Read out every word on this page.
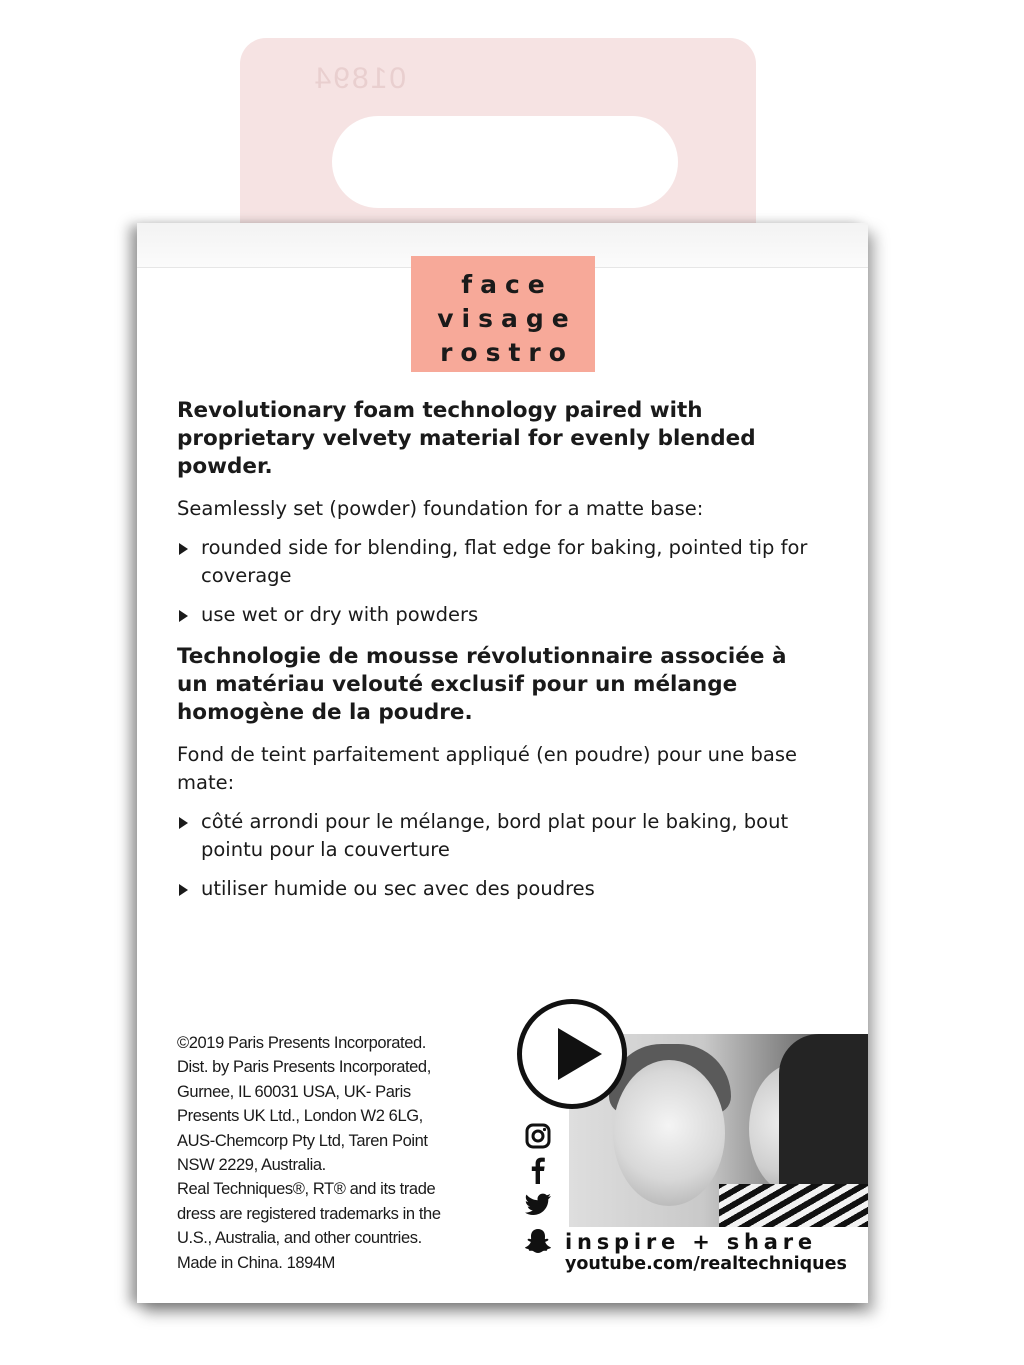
01894
face
visage
rostro

Revolutionary foam technology paired with proprietary velvety material for evenly blended powder.

Seamlessly set (powder) foundation for a matte base:

rounded side for blending, flat edge for baking, pointed tip for coverage
use wet or dry with powders

Technologie de mousse révolutionnaire associée à un matériau velouté exclusif pour un mélange homogène de la poudre.

Fond de teint parfaitement appliqué (en poudre) pour une base mate:

côté arrondi pour le mélange, bord plat pour le baking, bout pointu pour la couverture
utiliser humide ou sec avec des poudres
©2019 Paris Presents Incorporated.
Dist. by Paris Presents Incorporated,
Gurnee, IL 60031 USA, UK- Paris
Presents UK Ltd., London W2 6LG,
AUS-Chemcorp Pty Ltd, Taren Point
NSW 2229, Australia.
Real Techniques®, RT® and its trade
dress are registered trademarks in the
U.S., Australia, and other countries.
Made in China. 1894M
inspire + share
youtube.com/realtechniques
